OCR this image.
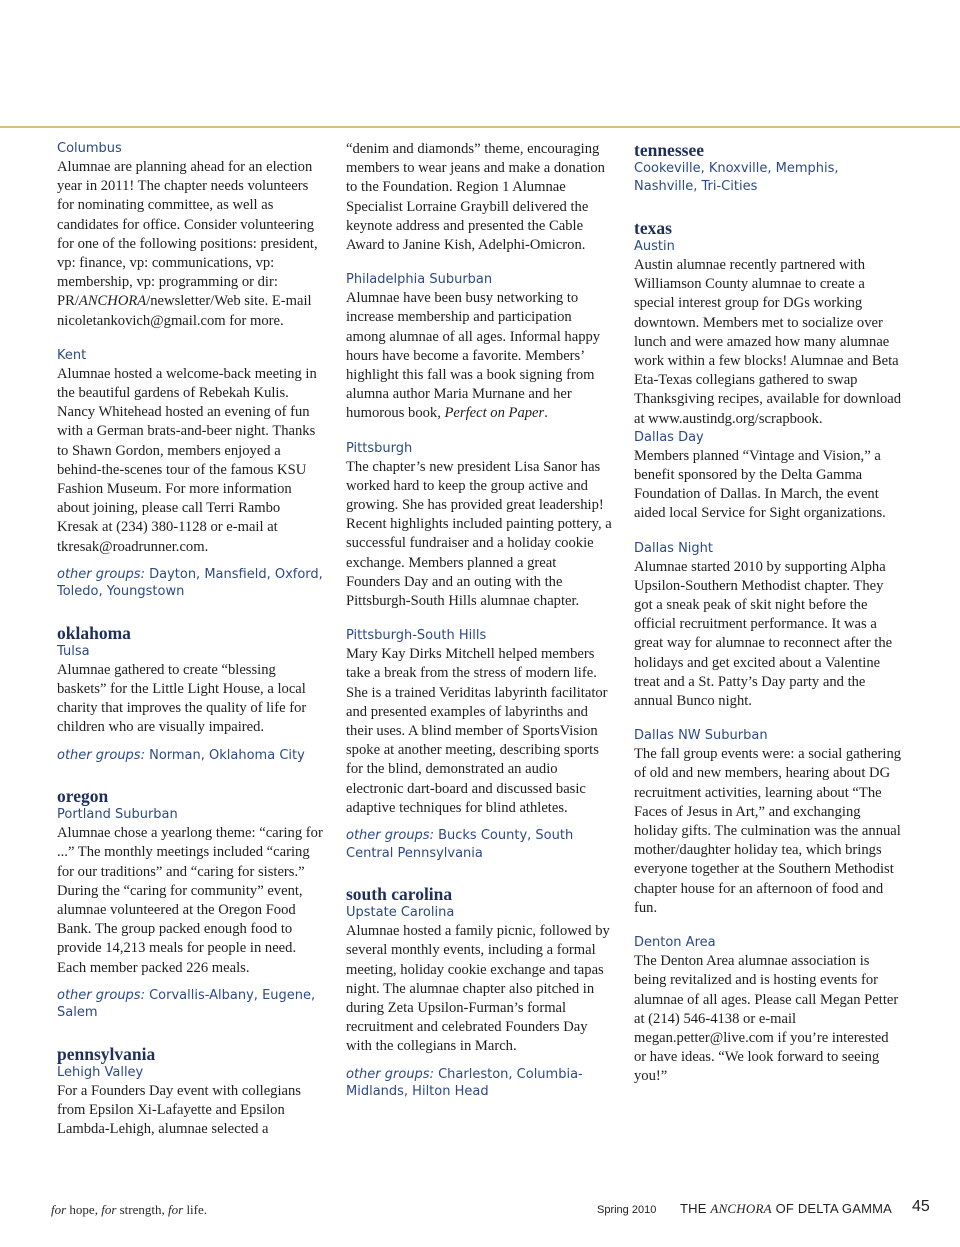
Columbus

Alumnae are planning ahead for an election year in 2011! The chapter needs volunteers for nominating committee, as well as candidates for office. Consider volunteering for one of the following positions: president, vp: finance, vp: communications, vp: membership, vp: programming or dir: PR/ANCHORA/newsletter/Web site. E-mail nicoletankovich@gmail.com for more.

Kent

Alumnae hosted a welcome-back meeting in the beautiful gardens of Rebekah Kulis. Nancy Whitehead hosted an evening of fun with a German brats-and-beer night. Thanks to Shawn Gordon, members enjoyed a behind-the-scenes tour of the famous KSU Fashion Museum. For more information about joining, please call Terri Rambo Kresak at (234) 380-1128 or e-mail at tkresak@roadrunner.com.

other groups: Dayton, Mansfield, Oxford, Toledo, Youngstown

oklahoma

Tulsa

Alumnae gathered to create “blessing baskets” for the Little Light House, a local charity that improves the quality of life for children who are visually impaired.

other groups: Norman, Oklahoma City

oregon

Portland Suburban

Alumnae chose a yearlong theme: “caring for ...” The monthly meetings included “caring for our traditions” and “caring for sisters.” During the “caring for community” event, alumnae volunteered at the Oregon Food Bank. The group packed enough food to provide 14,213 meals for people in need. Each member packed 226 meals.

other groups: Corvallis-Albany, Eugene, Salem

pennsylvania

Lehigh Valley

For a Founders Day event with collegians from Epsilon Xi-Lafayette and Epsilon Lambda-Lehigh, alumnae selected a

“denim and diamonds” theme, encouraging members to wear jeans and make a donation to the Foundation. Region 1 Alumnae Specialist Lorraine Graybill delivered the keynote address and presented the Cable Award to Janine Kish, Adelphi-Omicron.

Philadelphia Suburban

Alumnae have been busy networking to increase membership and participation among alumnae of all ages. Informal happy hours have become a favorite. Members’ highlight this fall was a book signing from alumna author Maria Murnane and her humorous book, Perfect on Paper.

Pittsburgh

The chapter’s new president Lisa Sanor has worked hard to keep the group active and growing. She has provided great leadership! Recent highlights included painting pottery, a successful fundraiser and a holiday cookie exchange. Members planned a great Founders Day and an outing with the Pittsburgh-South Hills alumnae chapter.

Pittsburgh-South Hills

Mary Kay Dirks Mitchell helped members take a break from the stress of modern life. She is a trained Veriditas labyrinth facilitator and presented examples of labyrinths and their uses. A blind member of SportsVision spoke at another meeting, describing sports for the blind, demonstrated an audio electronic dart-board and discussed basic adaptive techniques for blind athletes.

other groups: Bucks County, South Central Pennsylvania

south carolina

Upstate Carolina

Alumnae hosted a family picnic, followed by several monthly events, including a formal meeting, holiday cookie exchange and tapas night. The alumnae chapter also pitched in during Zeta Upsilon-Furman’s formal recruitment and celebrated Founders Day with the collegians in March.

other groups: Charleston, Columbia-Midlands, Hilton Head

tennessee

Cookeville, Knoxville, Memphis, Nashville, Tri-Cities

texas

Austin

Austin alumnae recently partnered with Williamson County alumnae to create a special interest group for DGs working downtown. Members met to socialize over lunch and were amazed how many alumnae work within a few blocks! Alumnae and Beta Eta-Texas collegians gathered to swap Thanksgiving recipes, available for download at www.austindg.org/scrapbook.

Dallas Day

Members planned “Vintage and Vision,” a benefit sponsored by the Delta Gamma Foundation of Dallas. In March, the event aided local Service for Sight organizations.

Dallas Night

Alumnae started 2010 by supporting Alpha Upsilon-Southern Methodist chapter. They got a sneak peak of skit night before the official recruitment performance. It was a great way for alumnae to reconnect after the holidays and get excited about a Valentine treat and a St. Patty’s Day party and the annual Bunco night.

Dallas NW Suburban

The fall group events were: a social gathering of old and new members, hearing about DG recruitment activities, learning about “The Faces of Jesus in Art,” and exchanging holiday gifts. The culmination was the annual mother/daughter holiday tea, which brings everyone together at the Southern Methodist chapter house for an afternoon of food and fun.

Denton Area

The Denton Area alumnae association is being revitalized and is hosting events for alumnae of all ages. Please call Megan Petter at (214) 546-4138 or e-mail megan.petter@live.com if you’re interested or have ideas. “We look forward to seeing you!”

for hope, for strength, for life.	Spring 2010 THE ANCHORA OF DELTA GAMMA 45
